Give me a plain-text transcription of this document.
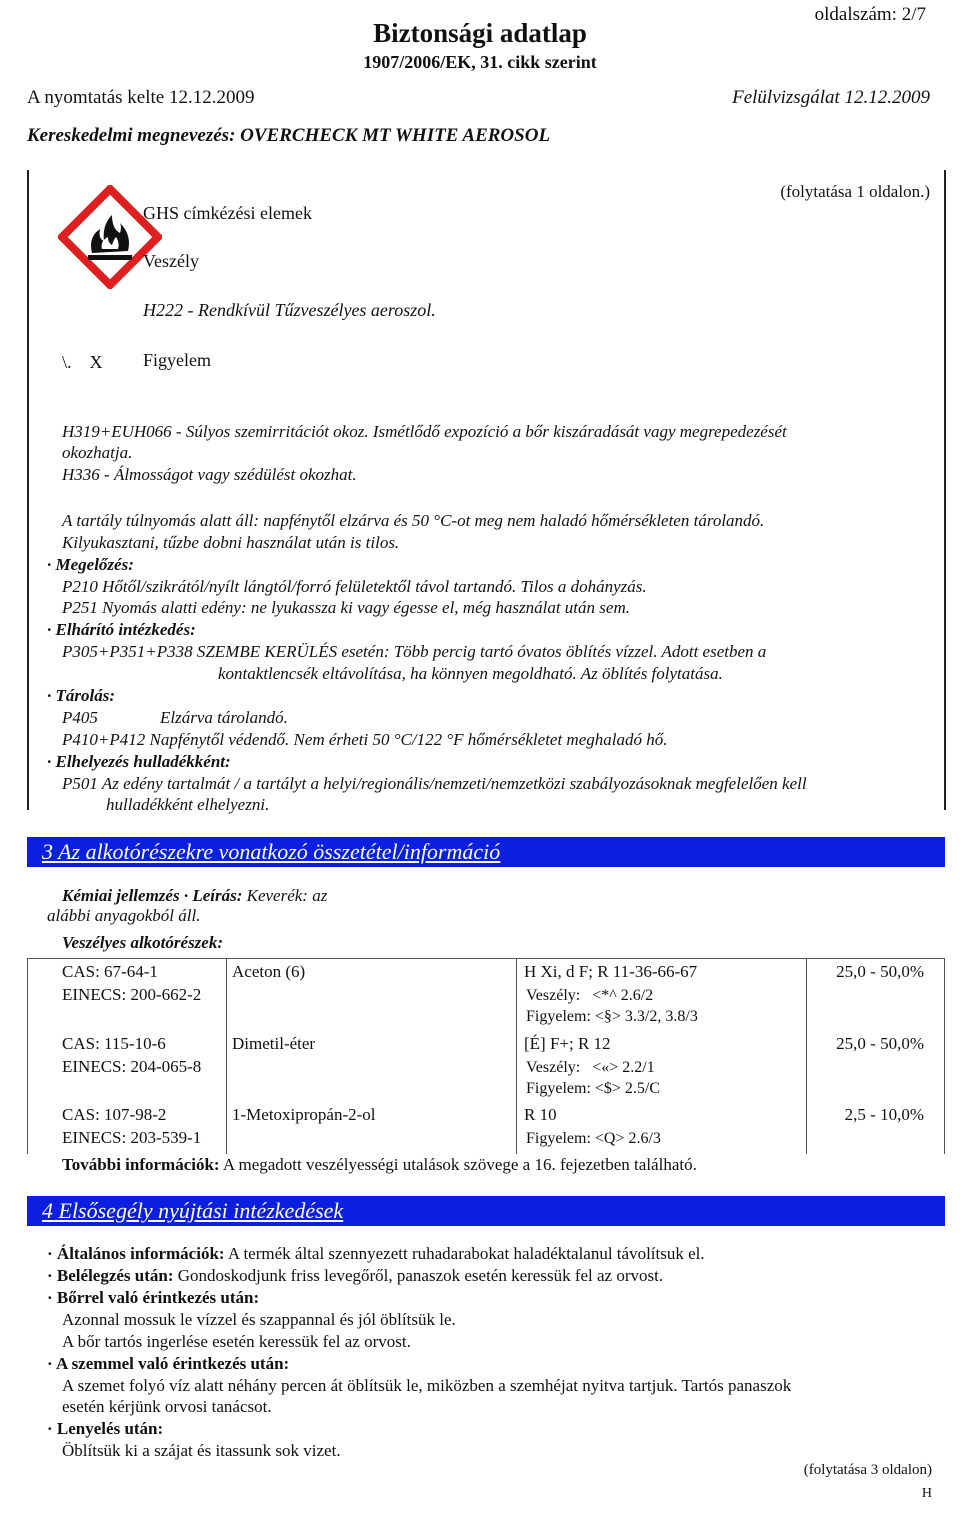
oldalszám: 2/7
Biztonsági adatlap
1907/2006/EK, 31. cikk szerint
A nyomtatás kelte 12.12.2009	Felülvizsgálat 12.12.2009
Kereskedelmi megnevezés: OVERCHECK MT WHITE AEROSOL
(folytatása 1 oldalon.)
GHS címkézési elemek
Veszély
H222 - Rendkívül Tűzveszélyes aeroszol.
Figyelem
\.    X
H319+EUH066 - Súlyos szemirritációt okoz. Ismétlődő expozíció a bőr kiszáradását vagy megrepedezését
okozhatja.
H336 - Álmosságot vagy szédülést okozhat.
A tartály túlnyomás alatt áll: napfénytől elzárva és 50 °C-ot meg nem haladó hőmérsékleten tárolandó.
Kilyukasztani, tűzbe dobni használat után is tilos.
· Megelőzés:
P210 Hőtől/szikrától/nyílt lángtól/forró felületektől távol tartandó. Tilos a dohányzás.
P251 Nyomás alatti edény: ne lyukassza ki vagy égesse el, még használat után sem.
· Elhárító intézkedés:
P305+P351+P338 SZEMBE KERÜLÉS esetén: Több percig tartó óvatos öblítés vízzel. Adott esetben a
kontaktlencsék eltávolítása, ha könnyen megoldható. Az öblítés folytatása.
· Tárolás:
P405	Elzárva tárolandó.
P410+P412 Napfénytől védendő. Nem érheti 50 °C/122 °F hőmérsékletet meghaladó hő.
· Elhelyezés hulladékként:
P501 Az edény tartalmát / a tartályt a helyi/regionális/nemzeti/nemzetközi szabályozásoknak megfelelően kell
hulladékként elhelyezni.
3 Az alkotórészekre vonatkozó összetétel/információ
Kémiai jellemzés · Leírás: Keverék: az
alábbi anyagokból áll.
Veszélyes alkotórészek:
CAS: 67-64-1
EINECS: 200-662-2
Aceton (6)	H Xi, d F; R 11-36-66-67
Veszély:   <*^ 2.6/2
Figyelem: <§> 3.3/2, 3.8/3
25,0 - 50,0%
CAS: 115-10-6
EINECS: 204-065-8
Dimetil-éter	[É] F+; R 12
Veszély:   <«> 2.2/1
Figyelem: <$> 2.5/C
25,0 - 50,0%
CAS: 107-98-2
EINECS: 203-539-1
1-Metoxipropán-2-ol	R 10
Figyelem: <Q> 2.6/3
2,5 - 10,0%
További információk: A megadott veszélyességi utalások szövege a 16. fejezetben található.
4 Elsősegély nyújtási intézkedések
· Általános információk: A termék által szennyezett ruhadarabokat haladéktalanul távolítsuk el.
· Belélegzés után: Gondoskodjunk friss levegőről, panaszok esetén keressük fel az orvost.
· Bőrrel való érintkezés után:
Azonnal mossuk le vízzel és szappannal és jól öblítsük le.
A bőr tartós ingerlése esetén keressük fel az orvost.
· A szemmel való érintkezés után:
A szemet folyó víz alatt néhány percen át öblítsük le, miközben a szemhéjat nyitva tartjuk. Tartós panaszok
esetén kérjünk orvosi tanácsot.
· Lenyelés után:
Öblítsük ki a szájat és itassunk sok vizet.
(folytatása 3 oldalon)
H
